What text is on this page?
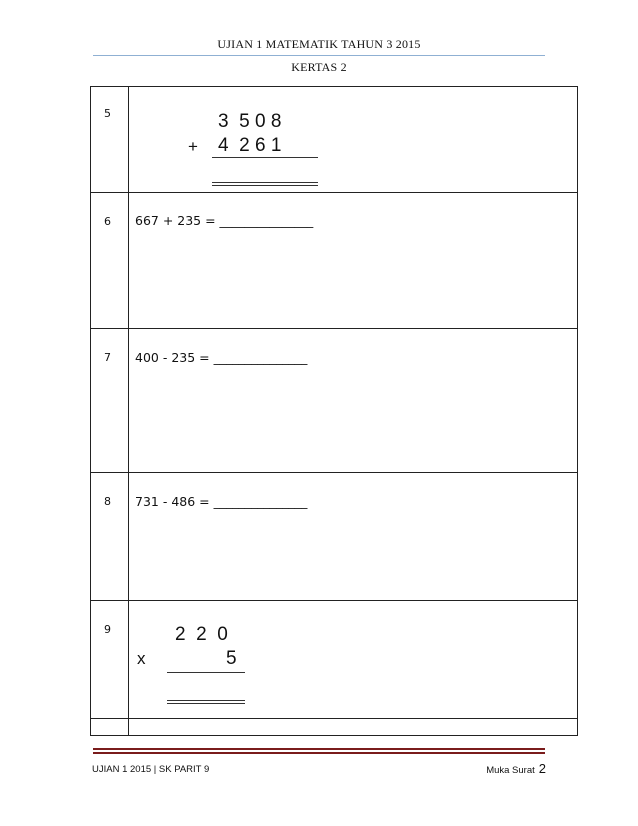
UJIAN 1 MATEMATIK TAHUN 3 2015
KERTAS 2
5	3  5 0 8
+ 4  2 6 1
6 667 + 235 = _______________
7 400 - 235 = _______________
8 731 - 486 = _______________
9	2  2  0
x	5
UJIAN 1 2015 | SK PARIT 9	Muka Surat 2
